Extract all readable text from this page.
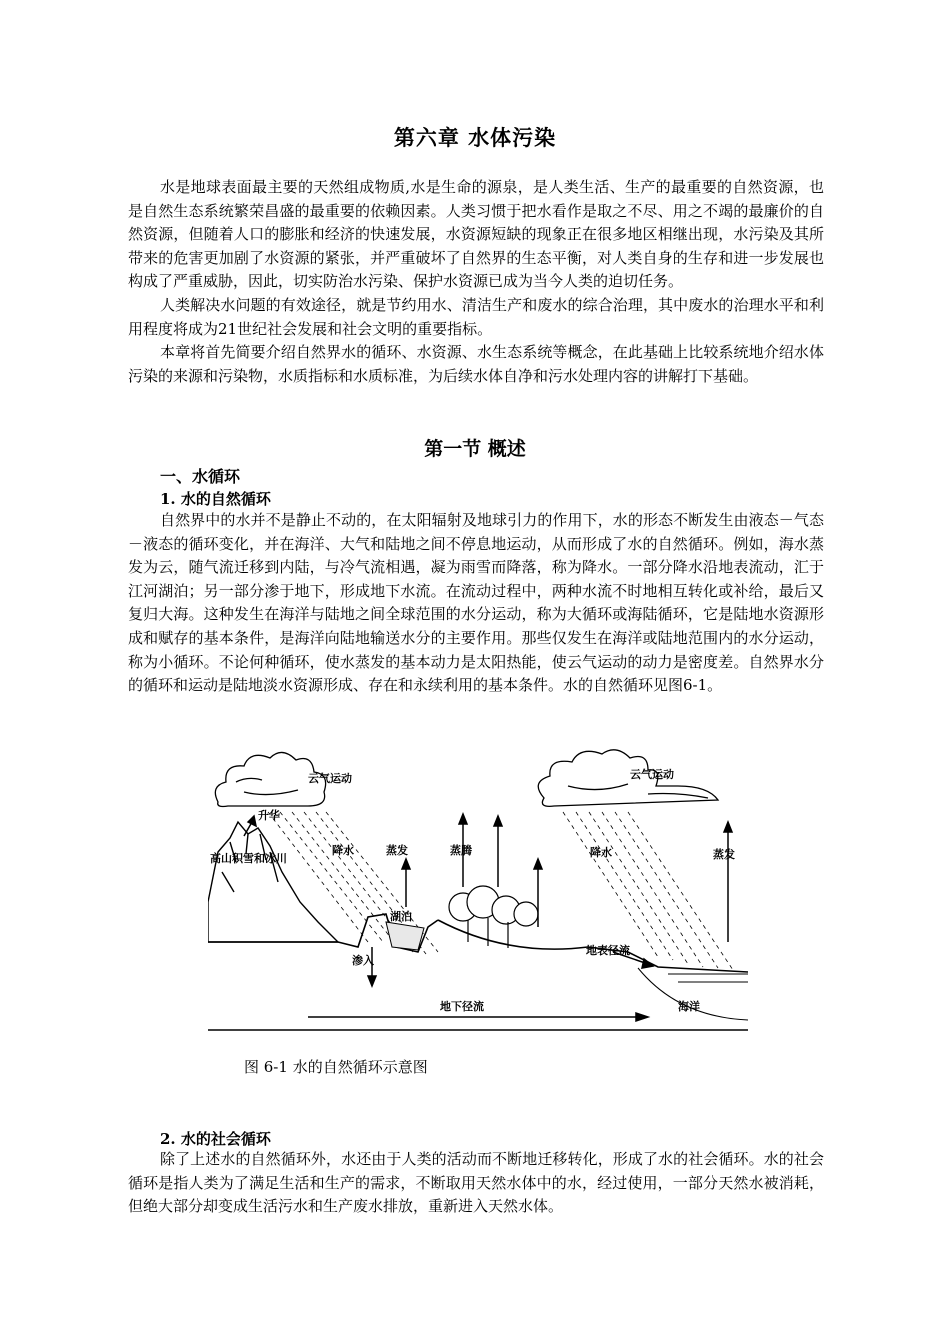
第六章 水体污染

水是地球表面最主要的天然组成物质,水是生命的源泉，是人类生活、生产的最重要的自然资源，也是自然生态系统繁荣昌盛的最重要的依赖因素。人类习惯于把水看作是取之不尽、用之不竭的最廉价的自然资源，但随着人口的膨胀和经济的快速发展，水资源短缺的现象正在很多地区相继出现，水污染及其所带来的危害更加剧了水资源的紧张，并严重破坏了自然界的生态平衡，对人类自身的生存和进一步发展也构成了严重威胁，因此，切实防治水污染、保护水资源已成为当今人类的迫切任务。

人类解决水问题的有效途径，就是节约用水、清洁生产和废水的综合治理，其中废水的治理水平和利用程度将成为21世纪社会发展和社会文明的重要指标。

本章将首先简要介绍自然界水的循环、水资源、水生态系统等概念，在此基础上比较系统地介绍水体污染的来源和污染物，水质指标和水质标准，为后续水体自净和污水处理内容的讲解打下基础。

第一节 概述

一、水循环

1. 水的自然循环

自然界中的水并不是静止不动的，在太阳辐射及地球引力的作用下，水的形态不断发生由液态－气态－液态的循环变化，并在海洋、大气和陆地之间不停息地运动，从而形成了水的自然循环。例如，海水蒸发为云，随气流迁移到内陆，与冷气流相遇，凝为雨雪而降落，称为降水。一部分降水沿地表流动，汇于江河湖泊；另一部分渗于地下，形成地下水流。在流动过程中，两种水流不时地相互转化或补给，最后又复归大海。这种发生在海洋与陆地之间全球范围的水分运动，称为大循环或海陆循环，它是陆地水资源形成和赋存的基本条件，是海洋向陆地输送水分的主要作用。那些仅发生在海洋或陆地范围内的水分运动，称为小循环。不论何种循环，使水蒸发的基本动力是太阳热能，使云气运动的动力是密度差。自然界水分的循环和运动是陆地淡水资源形成、存在和永续利用的基本条件。水的自然循环见图6-1。

云气运动
升华
高山积雪和冰川
降水	蒸发	蒸腾
湖泊
渗入
地下径流
云气运动
降水	蒸发
地表径流
海洋

图 6-1 水的自然循环示意图

2. 水的社会循环

除了上述水的自然循环外，水还由于人类的活动而不断地迁移转化，形成了水的社会循环。水的社会循环是指人类为了满足生活和生产的需求，不断取用天然水体中的水，经过使用，一部分天然水被消耗，但绝大部分却变成生活污水和生产废水排放，重新进入天然水体。
